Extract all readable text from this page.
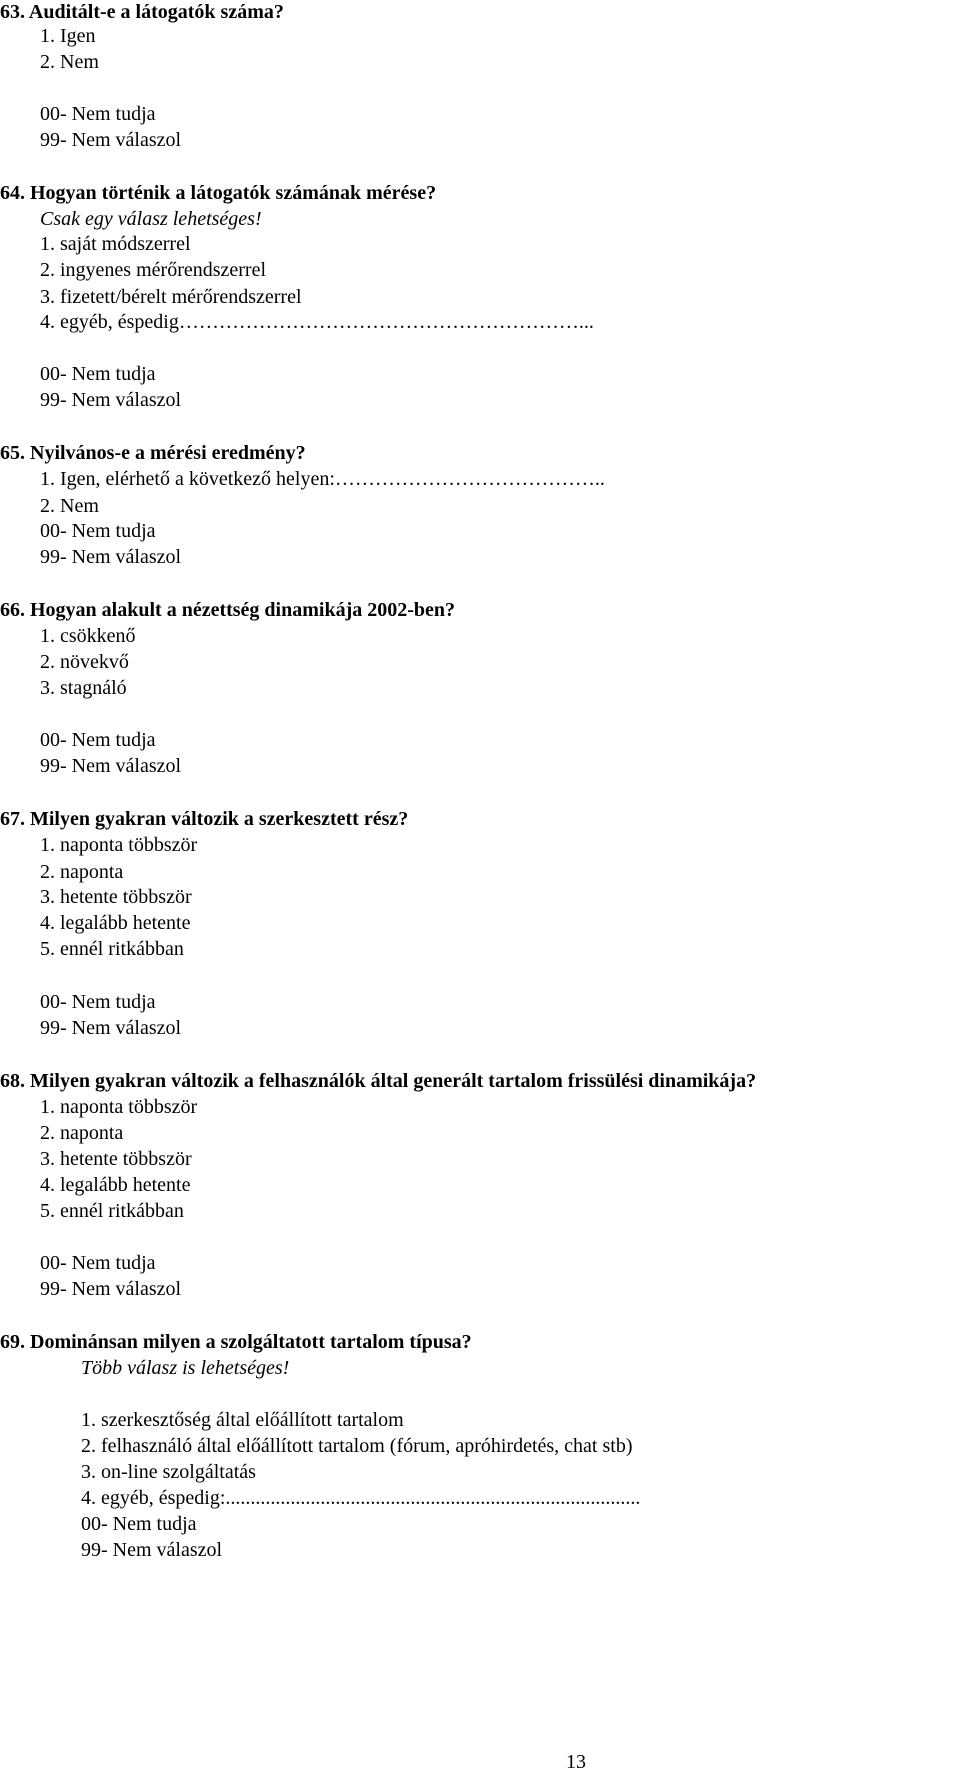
63. Auditált-e a látogatók száma?
1. Igen
2. Nem
00- Nem tudja
99- Nem válaszol
64. Hogyan történik a látogatók számának mérése?
Csak egy válasz lehetséges!
1. saját módszerrel
2. ingyenes mérőrendszerrel
3. fizetett/bérelt mérőrendszerrel
4. egyéb, éspedig……………………………………………………...
00- Nem tudja
99- Nem válaszol
65. Nyilvános-e a mérési eredmény?
1. Igen, elérhető a következő helyen:…………………………………..
2. Nem
00- Nem tudja
99- Nem válaszol
66. Hogyan alakult a nézettség dinamikája 2002-ben?
1. csökkenő
2. növekvő
3. stagnáló
00- Nem tudja
99- Nem válaszol
67. Milyen gyakran változik a szerkesztett rész?
1. naponta többször
2. naponta
3. hetente többször
4. legalább hetente
5. ennél ritkábban
00- Nem tudja
99- Nem válaszol
68. Milyen gyakran változik a felhasználók által generált tartalom frissülési dinamikája?
1. naponta többször
2. naponta
3. hetente többször
4. legalább hetente
5. ennél ritkábban
00- Nem tudja
99- Nem válaszol
69. Dominánsan milyen a szolgáltatott tartalom típusa?
Több válasz is lehetséges!
1. szerkesztőség által előállított tartalom
2. felhasználó által előállított tartalom (fórum, apróhirdetés, chat stb)
3. on-line szolgáltatás
4. egyéb, éspedig:...................................................................................
00- Nem tudja
99- Nem válaszol
13
